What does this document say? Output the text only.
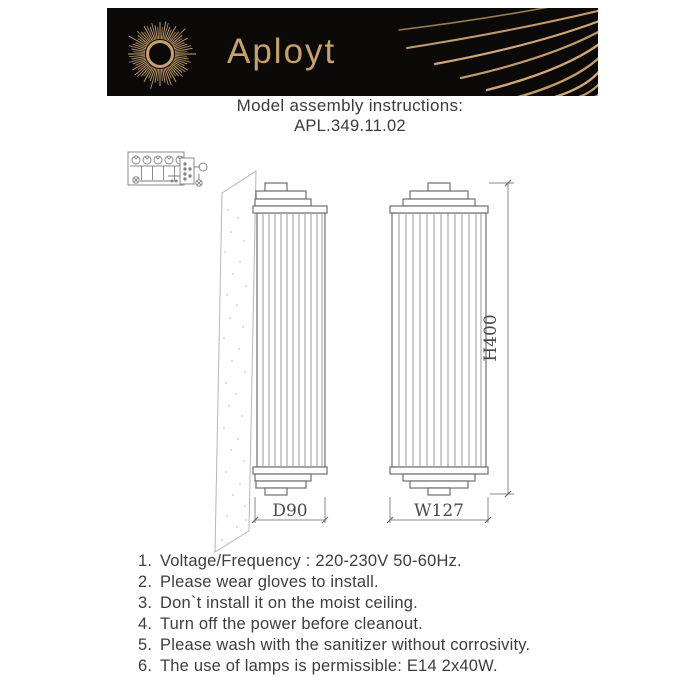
Aployt
Model assembly instructions:
APL.349.11.02
D90	W127
H400
1. Voltage/Frequency : 220-230V 50-60Hz.
2. Please wear gloves to install.
3. Don`t install it on the moist ceiling.
4. Turn off the power before cleanout.
5. Please wash with the sanitizer without corrosivity.
6. The use of lamps is permissible: E14 2x40W.
